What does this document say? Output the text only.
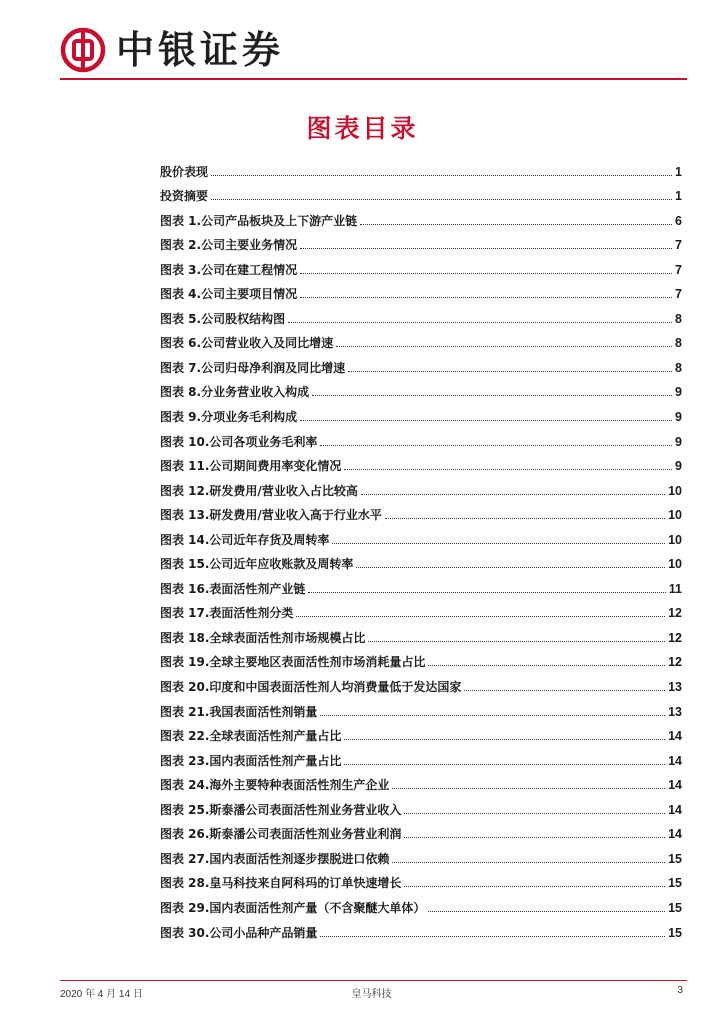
中银证券
图表目录
股价表现	1
投资摘要	1
图表 1.公司产品板块及上下游产业链	6
图表 2.公司主要业务情况	7
图表 3.公司在建工程情况	7
图表 4.公司主要项目情况	7
图表 5.公司股权结构图	8
图表 6.公司营业收入及同比增速	8
图表 7.公司归母净利润及同比增速	8
图表 8.分业务营业收入构成	9
图表 9.分项业务毛利构成	9
图表 10.公司各项业务毛利率	9
图表 11.公司期间费用率变化情况	9
图表 12.研发费用/营业收入占比较高	10
图表 13.研发费用/营业收入高于行业水平	10
图表 14.公司近年存货及周转率	10
图表 15.公司近年应收账款及周转率	10
图表 16.表面活性剂产业链	11
图表 17.表面活性剂分类	12
图表 18.全球表面活性剂市场规模占比	12
图表 19.全球主要地区表面活性剂市场消耗量占比	12
图表 20.印度和中国表面活性剂人均消费量低于发达国家	13
图表 21.我国表面活性剂销量	13
图表 22.全球表面活性剂产量占比	14
图表 23.国内表面活性剂产量占比	14
图表 24.海外主要特种表面活性剂生产企业	14
图表 25.斯泰潘公司表面活性剂业务营业收入	14
图表 26.斯泰潘公司表面活性剂业务营业利润	14
图表 27.国内表面活性剂逐步摆脱进口依赖	15
图表 28.皇马科技来自阿科玛的订单快速增长	15
图表 29.国内表面活性剂产量（不含聚醚大单体）	15
图表 30.公司小品种产品销量	15
2020 年 4 月 14 日	皇马科技	3
